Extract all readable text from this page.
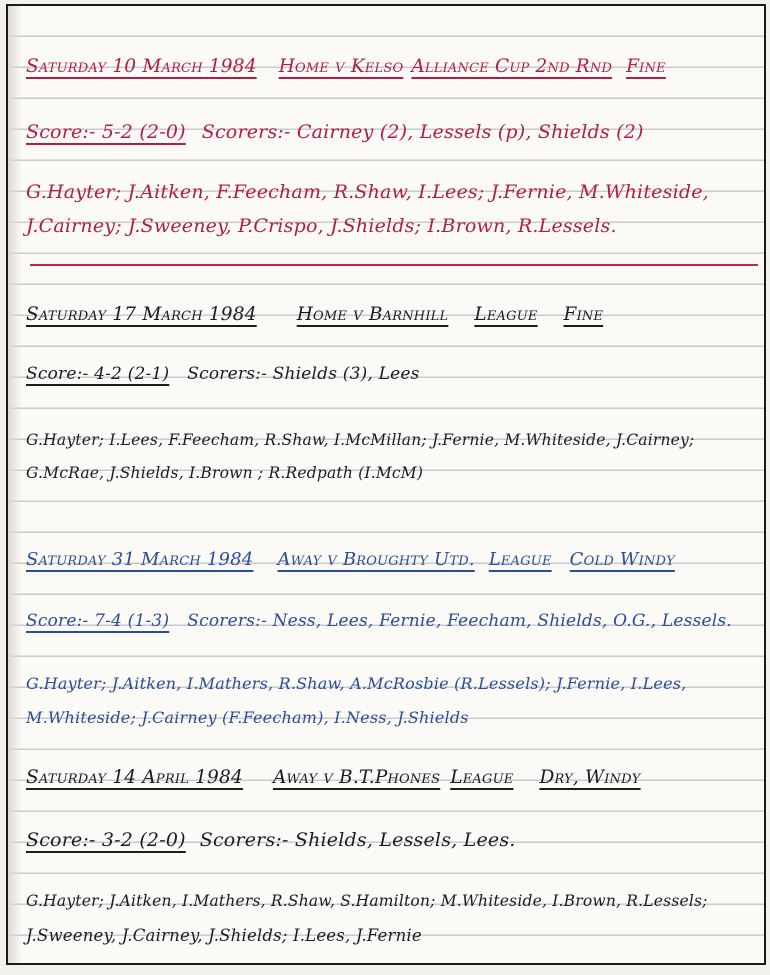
Saturday 10 March 1984 Home v Kelso Alliance Cup 2nd Rnd Fine
Score:- 5-2 (2-0) Scorers:- Cairney (2), Lessels (p), Shields (2)
G.Hayter; J.Aitken, F.Feecham, R.Shaw, I.Lees; J.Fernie, M.Whiteside,
J.Cairney; J.Sweeney, P.Crispo, J.Shields; I.Brown, R.Lessels.
Saturday 17 March 1984 Home v Barnhill League Fine
Score:- 4-2 (2-1) Scorers:- Shields (3), Lees
G.Hayter; I.Lees, F.Feecham, R.Shaw, I.McMillan; J.Fernie, M.Whiteside, J.Cairney;
G.McRae, J.Shields, I.Brown ; R.Redpath (I.McM)
Saturday 31 March 1984 Away v Broughty Utd. League Cold Windy
Score:- 7-4 (1-3) Scorers:- Ness, Lees, Fernie, Feecham, Shields, O.G., Lessels.
G.Hayter; J.Aitken, I.Mathers, R.Shaw, A.McRosbie (R.Lessels); J.Fernie, I.Lees,
M.Whiteside; J.Cairney (F.Feecham), I.Ness, J.Shields
Saturday 14 April 1984 Away v B.T.Phones League Dry, Windy
Score:- 3-2 (2-0) Scorers:- Shields, Lessels, Lees.
G.Hayter; J.Aitken, I.Mathers, R.Shaw, S.Hamilton; M.Whiteside, I.Brown, R.Lessels;
J.Sweeney, J.Cairney, J.Shields; I.Lees, J.Fernie
